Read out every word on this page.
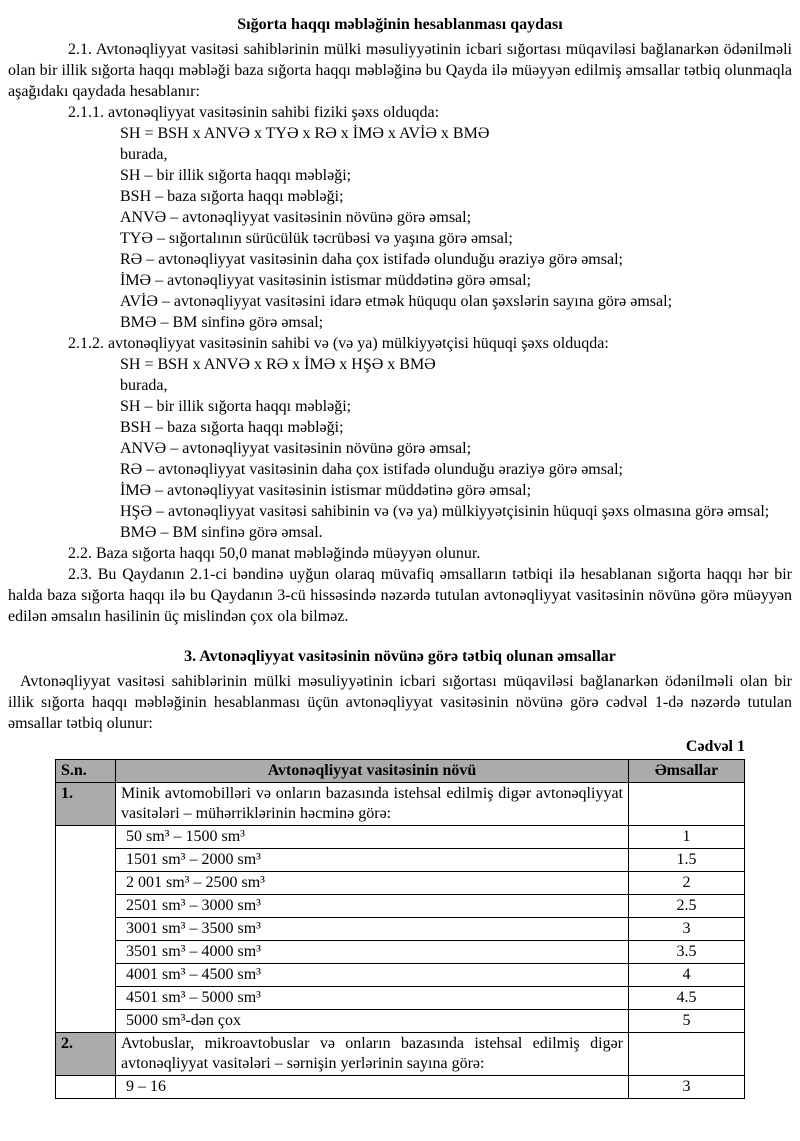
Sığorta haqqı məbləğinin hesablanması qaydası

2.1. Avtonəqliyyat vasitəsi sahiblərinin mülki məsuliyyətinin icbari sığortası müqaviləsi bağlanarkən ödənilməli olan bir illik sığorta haqqı məbləği baza sığorta haqqı məbləğinə bu Qayda ilə müəyyən edilmiş əmsallar tətbiq olunmaqla aşağıdakı qaydada hesablanır:

2.1.1. avtonəqliyyat vasitəsinin sahibi fiziki şəxs olduqda:

SH = BSH x ANVƏ x TYƏ x RƏ x İMƏ x AVİƏ x BMƏ
burada,
SH – bir illik sığorta haqqı məbləği;
BSH – baza sığorta haqqı məbləği;
ANVƏ – avtonəqliyyat vasitəsinin növünə görə əmsal;
TYƏ – sığortalının sürücülük təcrübəsi və yaşına görə əmsal;
RƏ – avtonəqliyyat vasitəsinin daha çox istifadə olunduğu əraziyə görə əmsal;
İMƏ – avtonəqliyyat vasitəsinin istismar müddətinə görə əmsal;
AVİƏ – avtonəqliyyat vasitəsini idarə etmək hüququ olan şəxslərin sayına görə əmsal;
BMƏ – BM sinfinə görə əmsal;

2.1.2. avtonəqliyyat vasitəsinin sahibi və (və ya) mülkiyyətçisi hüquqi şəxs olduqda:

SH = BSH x ANVƏ x RƏ x İMƏ x HŞƏ x BMƏ
burada,
SH – bir illik sığorta haqqı məbləği;
BSH – baza sığorta haqqı məbləği;
ANVƏ – avtonəqliyyat vasitəsinin növünə görə əmsal;
RƏ – avtonəqliyyat vasitəsinin daha çox istifadə olunduğu əraziyə görə əmsal;
İMƏ – avtonəqliyyat vasitəsinin istismar müddətinə görə əmsal;
HŞƏ – avtonəqliyyat vasitəsi sahibinin və (və ya) mülkiyyətçisinin hüquqi şəxs olmasına görə əmsal;
BMƏ – BM sinfinə görə əmsal.

2.2. Baza sığorta haqqı 50,0 manat məbləğində müəyyən olunur.

2.3. Bu Qaydanın 2.1-ci bəndinə uyğun olaraq müvafiq əmsalların tətbiqi ilə hesablanan sığorta haqqı hər bir halda baza sığorta haqqı ilə bu Qaydanın 3-cü hissəsində nəzərdə tutulan avtonəqliyyat vasitəsinin növünə görə müəyyən edilən əmsalın hasilinin üç mislindən çox ola bilməz.

3. Avtonəqliyyat vasitəsinin növünə görə tətbiq olunan əmsallar

Avtonəqliyyat vasitəsi sahiblərinin mülki məsuliyyətinin icbari sığortası müqaviləsi bağlanarkən ödənilməli olan bir illik sığorta haqqı məbləğinin hesablanması üçün avtonəqliyyat vasitəsinin növünə görə cədvəl 1-də nəzərdə tutulan əmsallar tətbiq olunur:

Cədvəl 1
S.n.	Avtonəqliyyat vasitəsinin növü	Əmsallar
1.	Minik avtomobilləri və onların bazasında istehsal edilmiş digər avtonəqliyyat vasitələri – mühərriklərinin həcminə görə:	
	50 sm³ – 1500 sm³	1
	1501 sm³ – 2000 sm³	1.5
	2 001 sm³ – 2500 sm³	2
	2501 sm³ – 3000 sm³	2.5
	3001 sm³ – 3500 sm³	3
	3501 sm³ – 4000 sm³	3.5
	4001 sm³ – 4500 sm³	4
	4501 sm³ – 5000 sm³	4.5
	5000 sm³-dən çox	5
2.	Avtobuslar, mikroavtobuslar və onların bazasında istehsal edilmiş digər avtonəqliyyat vasitələri – sərnişin yerlərinin sayına görə:	
	9 – 16	3
